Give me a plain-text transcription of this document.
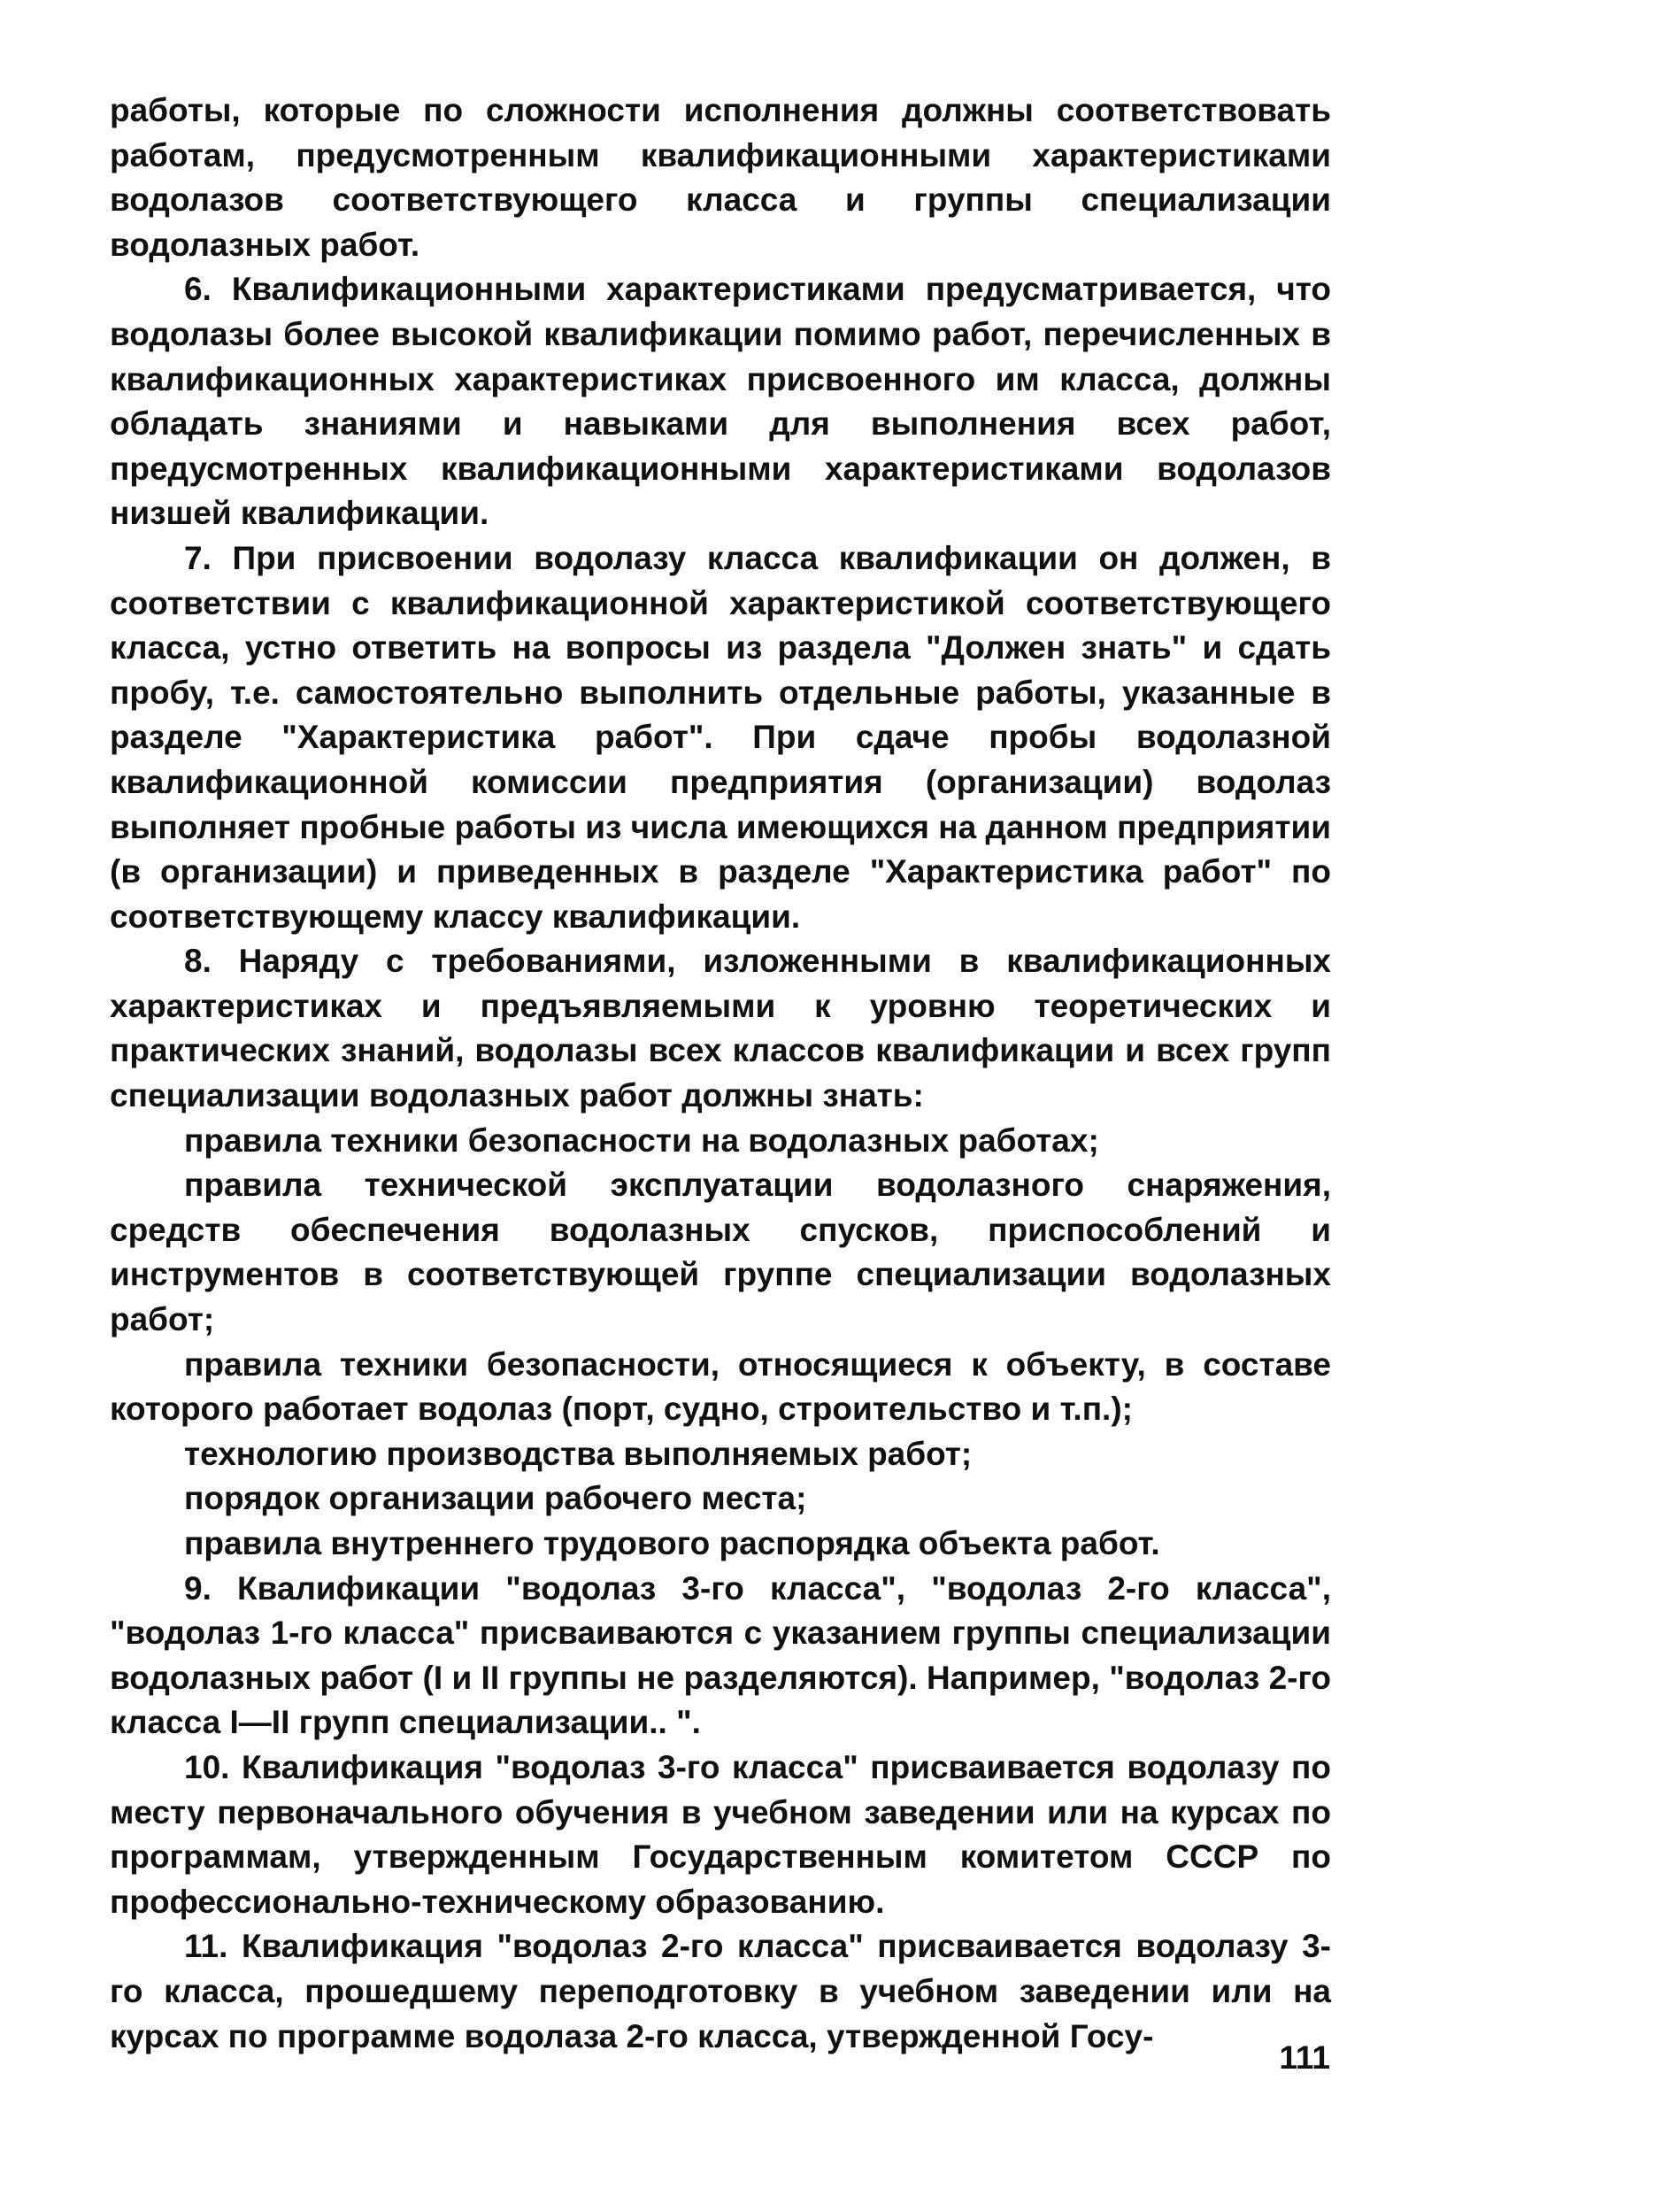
работы, которые по сложности исполнения должны соответствовать работам, предусмотренным квалификационными характеристиками водолазов соответствующего класса и группы специализации водолазных работ.

6. Квалификационными характеристиками предусматривается, что водолазы более высокой квалификации помимо работ, перечисленных в квалификационных характеристиках присвоенного им класса, должны обладать знаниями и навыками для выполнения всех работ, предусмотренных квалификационными характеристиками водолазов низшей квалификации.

7. При присвоении водолазу класса квалификации он должен, в соответствии с квалификационной характеристикой соответствующего класса, устно ответить на вопросы из раздела "Должен знать" и сдать пробу, т.е. самостоятельно выполнить отдельные работы, указанные в разделе "Характеристика работ". При сдаче пробы водолазной квалификационной комиссии предприятия (организации) водолаз выполняет пробные работы из числа имеющихся на данном предприятии (в организации) и приведенных в разделе "Характеристика работ" по соответствующему классу квалификации.

8. Наряду с требованиями, изложенными в квалификационных характеристиках и предъявляемыми к уровню теоретических и практических знаний, водолазы всех классов квалификации и всех групп специализации водолазных работ должны знать:

правила техники безопасности на водолазных работах;

правила технической эксплуатации водолазного снаряжения, средств обеспечения водолазных спусков, приспособлений и инструментов в соответствующей группе специализации водолазных работ;

правила техники безопасности, относящиеся к объекту, в составе которого работает водолаз (порт, судно, строительство и т.п.);

технологию производства выполняемых работ;

порядок организации рабочего места;

правила внутреннего трудового распорядка объекта работ.

9. Квалификации "водолаз 3-го класса", "водолаз 2-го класса", "водолаз 1-го класса" присваиваются с указанием группы специализации водолазных работ (I и II группы не разделяются). Например, "водолаз 2-го класса I—II групп специализации.. ".

10. Квалификация "водолаз 3-го класса" присваивается водолазу по месту первоначального обучения в учебном заведении или на курсах по программам, утвержденным Государственным комитетом СССР по профессионально-техническому образованию.

11. Квалификация "водолаз 2-го класса" присваивается водолазу 3-го класса, прошедшему переподготовку в учебном заведении или на курсах по программе водолаза 2-го класса, утвержденной Госу-

111
